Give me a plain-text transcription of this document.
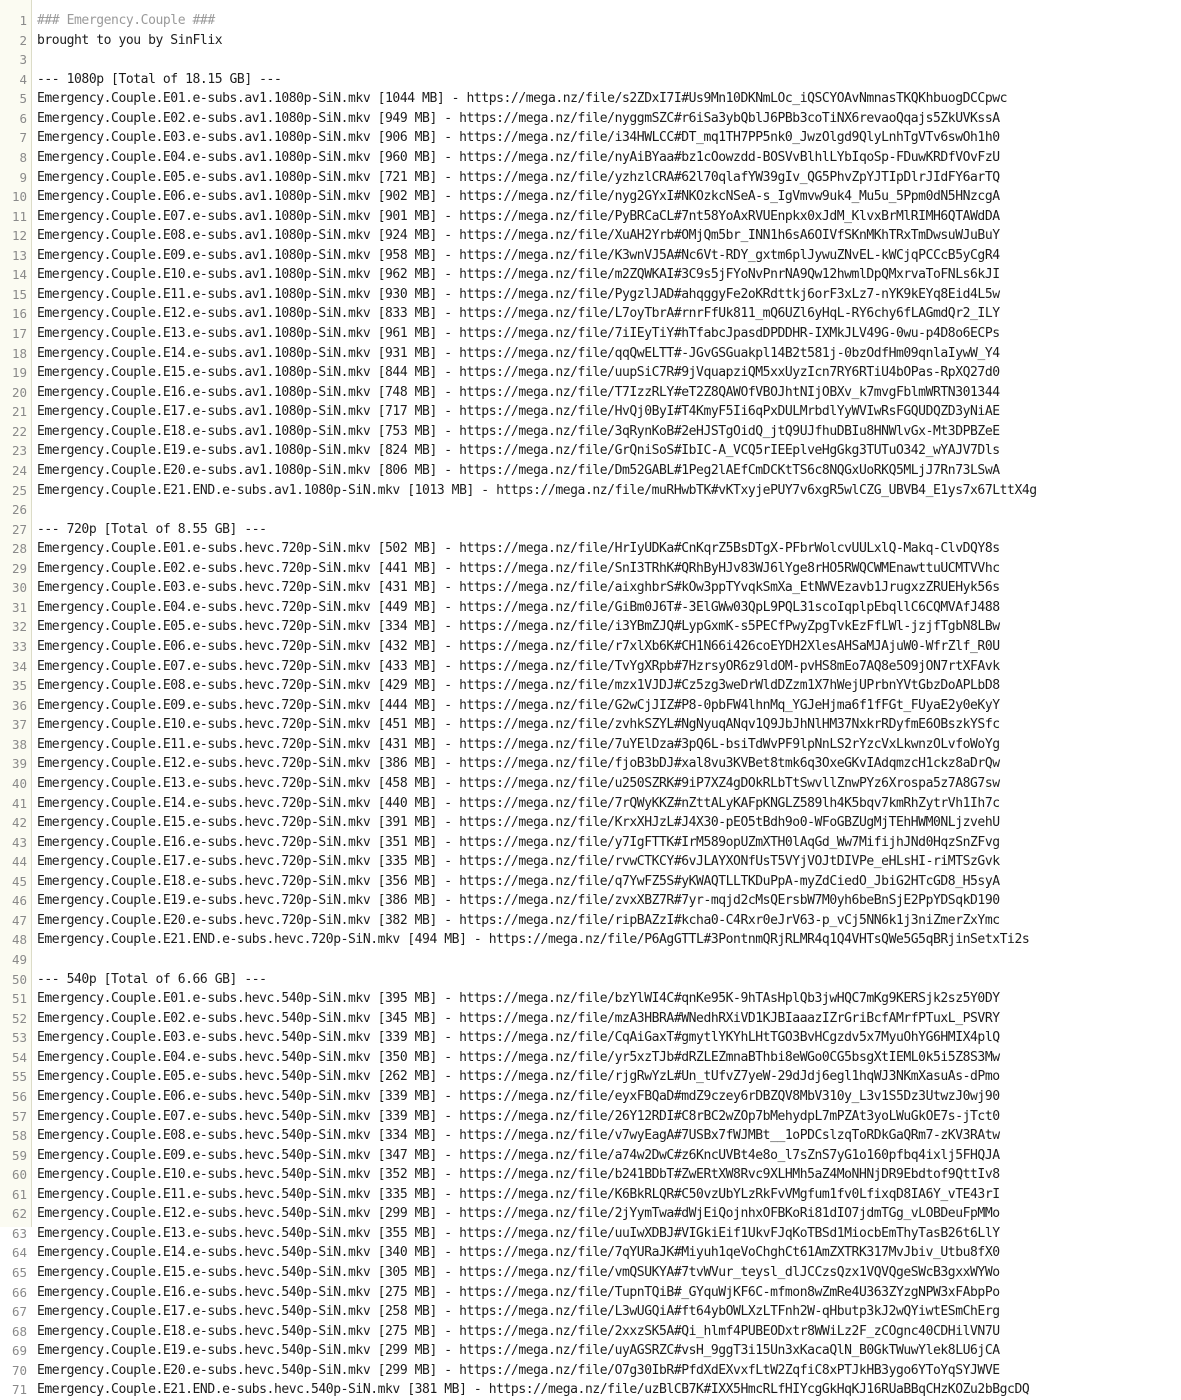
1
2
3
4
5
6
7
8
9
10
11
12
13
14
15
16
17
18
19
20
21
22
23
24
25
26
27
28
29
30
31
32
33
34
35
36
37
38
39
40
41
42
43
44
45
46
47
48
49
50
51
52
53
54
55
56
57
58
59
60
61
62
63
64
65
66
67
68
69
70
71
### Emergency.Couple ###
brought to you by SinFlix
--- 1080p [Total of 18.15 GB] ---
Emergency.Couple.E01.e-subs.av1.1080p-SiN.mkv [1044 MB] - https://mega.nz/file/s2ZDxI7I#Us9Mn10DKNmLOc_iQSCYOAvNmnasTKQKhbuogDCCpwc
Emergency.Couple.E02.e-subs.av1.1080p-SiN.mkv [949 MB] - https://mega.nz/file/nyggmSZC#r6iSa3ybQblJ6PBb3coTiNX6revaoQqajs5ZkUVKssA
Emergency.Couple.E03.e-subs.av1.1080p-SiN.mkv [906 MB] - https://mega.nz/file/i34HWLCC#DT_mq1TH7PP5nk0_JwzOlgd9QlyLnhTgVTv6swOh1h0
Emergency.Couple.E04.e-subs.av1.1080p-SiN.mkv [960 MB] - https://mega.nz/file/nyAiBYaa#bz1cOowzdd-BOSVvBlhlLYbIqoSp-FDuwKRDfVOvFzU
Emergency.Couple.E05.e-subs.av1.1080p-SiN.mkv [721 MB] - https://mega.nz/file/yzhzlCRA#62l70qlafYW39gIv_QG5PhvZpYJTIpDlrJIdFY6arTQ
Emergency.Couple.E06.e-subs.av1.1080p-SiN.mkv [902 MB] - https://mega.nz/file/nyg2GYxI#NKOzkcNSeA-s_IgVmvw9uk4_Mu5u_5Ppm0dN5HNzcgA
Emergency.Couple.E07.e-subs.av1.1080p-SiN.mkv [901 MB] - https://mega.nz/file/PyBRCaCL#7nt58YoAxRVUEnpkx0xJdM_KlvxBrMlRIMH6QTAWdDA
Emergency.Couple.E08.e-subs.av1.1080p-SiN.mkv [924 MB] - https://mega.nz/file/XuAH2Yrb#OMjQm5br_INN1h6sA6OIVfSKnMKhTRxTmDwsuWJuBuY
Emergency.Couple.E09.e-subs.av1.1080p-SiN.mkv [958 MB] - https://mega.nz/file/K3wnVJ5A#Nc6Vt-RDY_gxtm6plJywuZNvEL-kWCjqPCCcB5yCgR4
Emergency.Couple.E10.e-subs.av1.1080p-SiN.mkv [962 MB] - https://mega.nz/file/m2ZQWKAI#3C9s5jFYoNvPnrNA9Qw12hwmlDpQMxrvaToFNLs6kJI
Emergency.Couple.E11.e-subs.av1.1080p-SiN.mkv [930 MB] - https://mega.nz/file/PygzlJAD#ahqggyFe2oKRdttkj6orF3xLz7-nYK9kEYq8Eid4L5w
Emergency.Couple.E12.e-subs.av1.1080p-SiN.mkv [833 MB] - https://mega.nz/file/L7oyTbrA#rnrFfUk811_mQ6UZl6yHqL-RY6chy6fLAGmdQr2_ILY
Emergency.Couple.E13.e-subs.av1.1080p-SiN.mkv [961 MB] - https://mega.nz/file/7iIEyTiY#hTfabcJpasdDPDDHR-IXMkJLV49G-0wu-p4D8o6ECPs
Emergency.Couple.E14.e-subs.av1.1080p-SiN.mkv [931 MB] - https://mega.nz/file/qqQwELTT#-JGvGSGuakpl14B2t581j-0bzOdfHm09qnlaIywW_Y4
Emergency.Couple.E15.e-subs.av1.1080p-SiN.mkv [844 MB] - https://mega.nz/file/uupSiC7R#9jVquapziQM5xxUyzIcn7RY6RTiU4bOPas-RpXQ27d0
Emergency.Couple.E16.e-subs.av1.1080p-SiN.mkv [748 MB] - https://mega.nz/file/T7IzzRLY#eT2Z8QAWOfVBOJhtNIjOBXv_k7mvgFblmWRTN301344
Emergency.Couple.E17.e-subs.av1.1080p-SiN.mkv [717 MB] - https://mega.nz/file/HvQj0ByI#T4KmyF5Ii6qPxDULMrbdlYyWVIwRsFGQUDQZD3yNiAE
Emergency.Couple.E18.e-subs.av1.1080p-SiN.mkv [753 MB] - https://mega.nz/file/3qRynKoB#2eHJSTgOidQ_jtQ9UJfhuDBIu8HNWlvGx-Mt3DPBZeE
Emergency.Couple.E19.e-subs.av1.1080p-SiN.mkv [824 MB] - https://mega.nz/file/GrQniSoS#IbIC-A_VCQ5rIEEplveHgGkg3TUTuO342_wYAJV7Dls
Emergency.Couple.E20.e-subs.av1.1080p-SiN.mkv [806 MB] - https://mega.nz/file/Dm52GABL#1Peg2lAEfCmDCKtTS6c8NQGxUoRKQ5MLjJ7Rn73LSwA
Emergency.Couple.E21.END.e-subs.av1.1080p-SiN.mkv [1013 MB] - https://mega.nz/file/muRHwbTK#vKTxyjePUY7v6xgR5wlCZG_UBVB4_E1ys7x67LttX4g
--- 720p [Total of 8.55 GB] ---
Emergency.Couple.E01.e-subs.hevc.720p-SiN.mkv [502 MB] - https://mega.nz/file/HrIyUDKa#CnKqrZ5BsDTgX-PFbrWolcvUULxlQ-Makq-ClvDQY8s
Emergency.Couple.E02.e-subs.hevc.720p-SiN.mkv [441 MB] - https://mega.nz/file/SnI3TRhK#QRhByHJv83WJ6lYge8rHO5RWQCWMEnawttuUCMTVVhc
Emergency.Couple.E03.e-subs.hevc.720p-SiN.mkv [431 MB] - https://mega.nz/file/aixghbrS#kOw3ppTYvqkSmXa_EtNWVEzavb1JrugxzZRUEHyk56s
Emergency.Couple.E04.e-subs.hevc.720p-SiN.mkv [449 MB] - https://mega.nz/file/GiBm0J6T#-3ElGWw03QpL9PQL31scoIqplpEbqllC6CQMVAfJ488
Emergency.Couple.E05.e-subs.hevc.720p-SiN.mkv [334 MB] - https://mega.nz/file/i3YBmZJQ#LypGxmK-s5PECfPwyZpgTvkEzFfLWl-jzjfTgbN8LBw
Emergency.Couple.E06.e-subs.hevc.720p-SiN.mkv [432 MB] - https://mega.nz/file/r7xlXb6K#CH1N66i426coEYDH2XlesAHSaMJAjuW0-WfrZlf_R0U
Emergency.Couple.E07.e-subs.hevc.720p-SiN.mkv [433 MB] - https://mega.nz/file/TvYgXRpb#7HzrsyOR6z9ldOM-pvHS8mEo7AQ8e5O9jON7rtXFAvk
Emergency.Couple.E08.e-subs.hevc.720p-SiN.mkv [429 MB] - https://mega.nz/file/mzx1VJDJ#Cz5zg3weDrWldDZzm1X7hWejUPrbnYVtGbzDoAPLbD8
Emergency.Couple.E09.e-subs.hevc.720p-SiN.mkv [444 MB] - https://mega.nz/file/G2wCjJIZ#P8-0pbFW4lhnMq_YGJeHjma6f1fFGt_FUyaE2y0eKyY
Emergency.Couple.E10.e-subs.hevc.720p-SiN.mkv [451 MB] - https://mega.nz/file/zvhkSZYL#NgNyuqANqv1Q9JbJhNlHM37NxkrRDyfmE6OBszkYSfc
Emergency.Couple.E11.e-subs.hevc.720p-SiN.mkv [431 MB] - https://mega.nz/file/7uYElDza#3pQ6L-bsiTdWvPF9lpNnLS2rYzcVxLkwnzOLvfoWoYg
Emergency.Couple.E12.e-subs.hevc.720p-SiN.mkv [386 MB] - https://mega.nz/file/fjoB3bDJ#xal8vu3KVBet8tmk6q3OxeGKvIAdqmzcH1ckz8aDrQw
Emergency.Couple.E13.e-subs.hevc.720p-SiN.mkv [458 MB] - https://mega.nz/file/u250SZRK#9iP7XZ4gDOkRLbTtSwvllZnwPYz6Xrospa5z7A8G7sw
Emergency.Couple.E14.e-subs.hevc.720p-SiN.mkv [440 MB] - https://mega.nz/file/7rQWyKKZ#nZttALyKAFpKNGLZ589lh4K5bqv7kmRhZytrVh1Ih7c
Emergency.Couple.E15.e-subs.hevc.720p-SiN.mkv [391 MB] - https://mega.nz/file/KrxXHJzL#J4X30-pEO5tBdh9o0-WFoGBZUgMjTEhHWM0NLjzvehU
Emergency.Couple.E16.e-subs.hevc.720p-SiN.mkv [351 MB] - https://mega.nz/file/y7IgFTTK#IrM589opUZmXTH0lAqGd_Ww7MifijhJNd0HqzSnZFvg
Emergency.Couple.E17.e-subs.hevc.720p-SiN.mkv [335 MB] - https://mega.nz/file/rvwCTKCY#6vJLAYXONfUsT5VYjVOJtDIVPe_eHLsHI-riMTSzGvk
Emergency.Couple.E18.e-subs.hevc.720p-SiN.mkv [356 MB] - https://mega.nz/file/q7YwFZ5S#yKWAQTLLTKDuPpA-myZdCiedO_JbiG2HTcGD8_H5syA
Emergency.Couple.E19.e-subs.hevc.720p-SiN.mkv [386 MB] - https://mega.nz/file/zvxXBZ7R#7yr-mqjd2cMsQErsbW7M0yh6beBnSjE2PpYDSqkD190
Emergency.Couple.E20.e-subs.hevc.720p-SiN.mkv [382 MB] - https://mega.nz/file/ripBAZzI#kcha0-C4Rxr0eJrV63-p_vCj5NN6k1j3niZmerZxYmc
Emergency.Couple.E21.END.e-subs.hevc.720p-SiN.mkv [494 MB] - https://mega.nz/file/P6AgGTTL#3PontnmQRjRLMR4q1Q4VHTsQWe5G5qBRjinSetxTi2s
--- 540p [Total of 6.66 GB] ---
Emergency.Couple.E01.e-subs.hevc.540p-SiN.mkv [395 MB] - https://mega.nz/file/bzYlWI4C#qnKe95K-9hTAsHplQb3jwHQC7mKg9KERSjk2sz5Y0DY
Emergency.Couple.E02.e-subs.hevc.540p-SiN.mkv [345 MB] - https://mega.nz/file/mzA3HBRA#WNedhRXiVD1KJBIaaazIZrGriBcfAMrfPTuxL_PSVRY
Emergency.Couple.E03.e-subs.hevc.540p-SiN.mkv [339 MB] - https://mega.nz/file/CqAiGaxT#gmytlYKYhLHtTGO3BvHCgzdv5x7MyuOhYG6HMIX4plQ
Emergency.Couple.E04.e-subs.hevc.540p-SiN.mkv [350 MB] - https://mega.nz/file/yr5xzTJb#dRZLEZmnaBThbi8eWGo0CG5bsgXtIEML0k5i5Z8S3Mw
Emergency.Couple.E05.e-subs.hevc.540p-SiN.mkv [262 MB] - https://mega.nz/file/rjgRwYzL#Un_tUfvZ7yeW-29dJdj6egl1hqWJ3NKmXasuAs-dPmo
Emergency.Couple.E06.e-subs.hevc.540p-SiN.mkv [339 MB] - https://mega.nz/file/eyxFBQaD#mdZ9czey6rDBZQV8MbV310y_L3v1S5Dz3UtwzJ0wj90
Emergency.Couple.E07.e-subs.hevc.540p-SiN.mkv [339 MB] - https://mega.nz/file/26Y12RDI#C8rBC2wZOp7bMehydpL7mPZAt3yoLWuGkOE7s-jTct0
Emergency.Couple.E08.e-subs.hevc.540p-SiN.mkv [334 MB] - https://mega.nz/file/v7wyEagA#7USBx7fWJMBt__1oPDCslzqToRDkGaQRm7-zKV3RAtw
Emergency.Couple.E09.e-subs.hevc.540p-SiN.mkv [347 MB] - https://mega.nz/file/a74w2DwC#z6KncUVBt4e8o_l7sZnS7yG1o160pfbq4ixlj5FHQJA
Emergency.Couple.E10.e-subs.hevc.540p-SiN.mkv [352 MB] - https://mega.nz/file/b241BDbT#ZwERtXW8Rvc9XLHMh5aZ4MoNHNjDR9Ebdtof9QttIv8
Emergency.Couple.E11.e-subs.hevc.540p-SiN.mkv [335 MB] - https://mega.nz/file/K6BkRLQR#C50vzUbYLzRkFvVMgfum1fv0LfixqD8IA6Y_vTE43rI
Emergency.Couple.E12.e-subs.hevc.540p-SiN.mkv [299 MB] - https://mega.nz/file/2jYymTwa#dWjEiQojnhxOFBKoRi81dIO7jdmTGg_vLOBDeuFpMMo
Emergency.Couple.E13.e-subs.hevc.540p-SiN.mkv [355 MB] - https://mega.nz/file/uuIwXDBJ#VIGkiEif1UkvFJqKoTBSd1MiocbEmThyTasB26t6LlY
Emergency.Couple.E14.e-subs.hevc.540p-SiN.mkv [340 MB] - https://mega.nz/file/7qYURaJK#Miyuh1qeVoChghCt61AmZXTRK317MvJbiv_Utbu8fX0
Emergency.Couple.E15.e-subs.hevc.540p-SiN.mkv [305 MB] - https://mega.nz/file/vmQSUKYA#7tvWVur_teysl_dlJCCzsQzx1VQVQgeSWcB3gxxWYWo
Emergency.Couple.E16.e-subs.hevc.540p-SiN.mkv [275 MB] - https://mega.nz/file/TupnTQiB#_GYquWjKF6C-mfmon8wZmRe4U363ZYzgNPW3xFAbpPo
Emergency.Couple.E17.e-subs.hevc.540p-SiN.mkv [258 MB] - https://mega.nz/file/L3wUGQiA#ft64ybOWLXzLTFnh2W-qHbutp3kJ2wQYiwtESmChErg
Emergency.Couple.E18.e-subs.hevc.540p-SiN.mkv [275 MB] - https://mega.nz/file/2xxzSK5A#Qi_hlmf4PUBEODxtr8WWiLz2F_zCOgnc40CDHilVN7U
Emergency.Couple.E19.e-subs.hevc.540p-SiN.mkv [299 MB] - https://mega.nz/file/uyAGSRZC#vsH_9ggT3i15Un3xKacaQlN_B0GkTWuwYlek8LU6jCA
Emergency.Couple.E20.e-subs.hevc.540p-SiN.mkv [299 MB] - https://mega.nz/file/O7g30IbR#PfdXdEXvxfLtW2ZqfiC8xPTJkHB3ygo6YToYqSYJWVE
Emergency.Couple.E21.END.e-subs.hevc.540p-SiN.mkv [381 MB] - https://mega.nz/file/uzBlCB7K#IXX5HmcRLfHIYcgGkHqKJ16RUaBBqCHzKOZu2bBgcDQ
